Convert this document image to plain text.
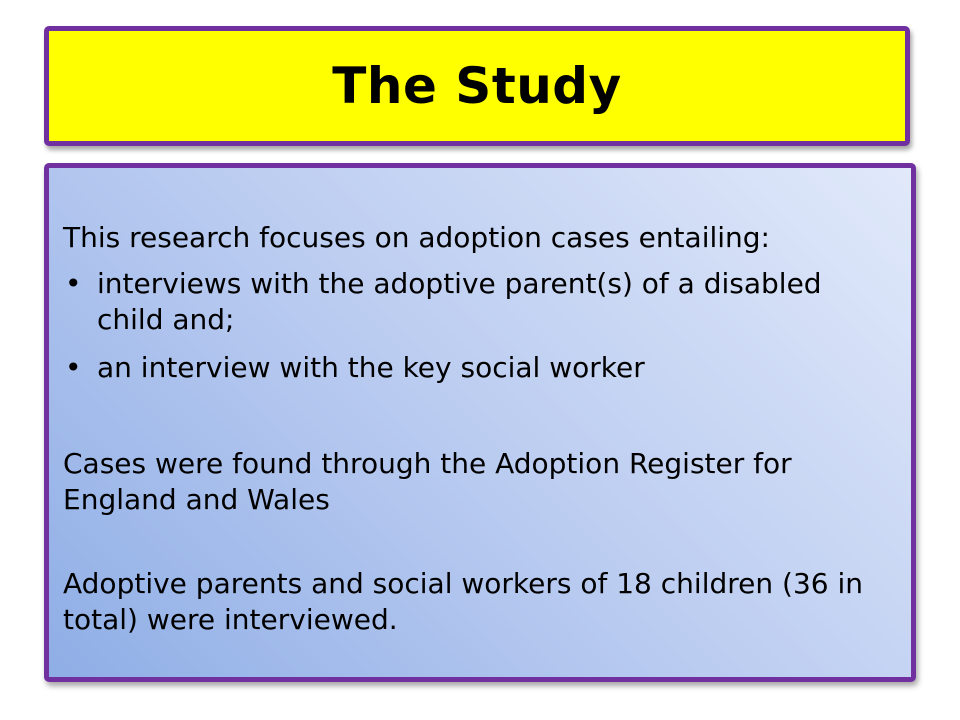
The Study

This research focuses on adoption cases entailing:

• interviews with the adoptive parent(s) of a disabled child and;
• an interview with the key social worker

Cases were found through the Adoption Register for England and Wales

Adoptive parents and social workers of 18 children (36 in total) were interviewed.
